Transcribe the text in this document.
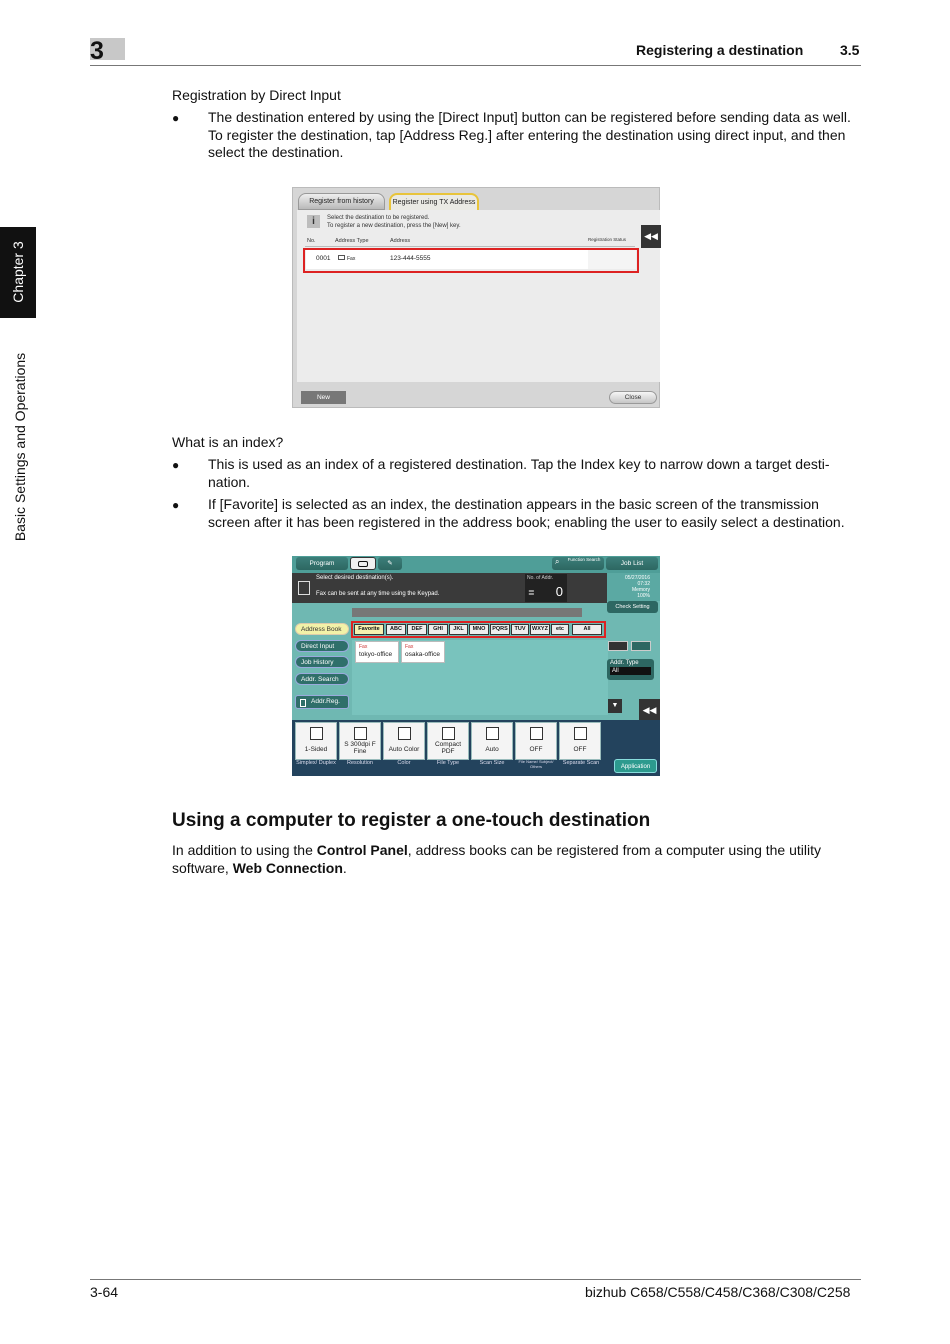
3	Registering a destination	3.5
Chapter 3
Basic Settings and Operations
Registration by Direct Input
● The destination entered by using the [Direct Input] button can be registered before sending data as well.
To register the destination, tap [Address Reg.] after entering the destination using direct input, and then
select the destination.
Register from history	Register using TX Address
i	Select the destination to be registered.
To register a new destination, press the [New] key.
No.	Address Type	Address	Registration Status
0001	Fax	123-444-5555
◀◀
New	Close
What is an index?
● This is used as an index of a registered destination. Tap the Index key to narrow down a target desti-
nation.
● If [Favorite] is selected as an index, the destination appears in the basic screen of the transmission
screen after it has been registered in the address book; enabling the user to easily select a destination.
Program	✎	⌕ Function Search
Job List
Select desired destination(s).
Fax can be sent at any time using the Keypad.
No. of Addr.
≣ 0
05/27/2016
07:32
Memory
100%
Check Setting
Address Book
Direct Input
Job History
Addr. Search
Addr.Reg.
Favorite	ABC	DEF	GHI	JKL	MNO	PQRS	TUV	WXYZ	etc	All
Fax
tokyo-office
Fax
osaka-office
Addr. Type
All
▼	◀◀
1-Sided
S 300dpi F Fine	Auto Color
Compact PDF	Auto	OFF	OFF
Simplex/ Duplex	Resolution	Color	File Type	Scan Size	File Name/ Subject/ Others	Separate Scan
Application
Using a computer to register a one-touch destination
In addition to using the Control Panel, address books can be registered from a computer using the utility
software, Web Connection.
3-64	bizhub C658/C558/C458/C368/C308/C258
